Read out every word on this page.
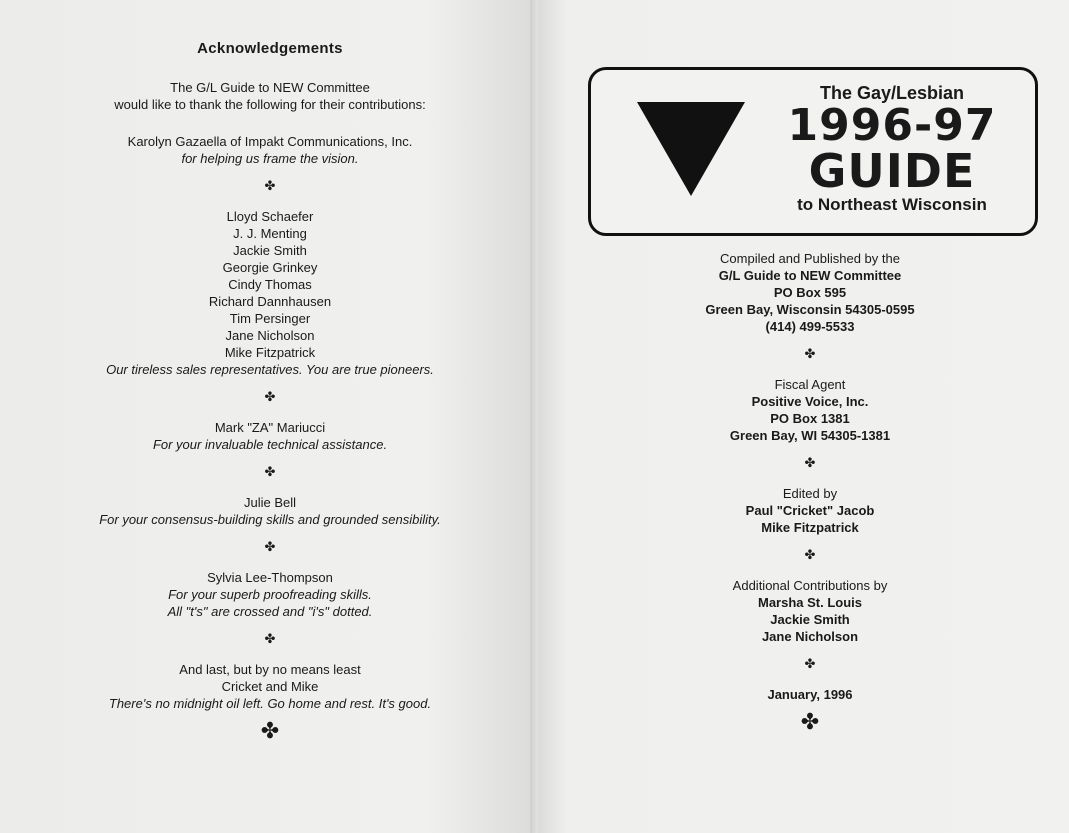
Acknowledgements
The G/L Guide to NEW Committee
would like to thank the following for their contributions:
Karolyn Gazaella of Impakt Communications, Inc.
for helping us frame the vision.
✤
Lloyd Schaefer
J. J. Menting
Jackie Smith
Georgie Grinkey
Cindy Thomas
Richard Dannhausen
Tim Persinger
Jane Nicholson
Mike Fitzpatrick
Our tireless sales representatives. You are true pioneers.
✤
Mark "ZA" Mariucci
For your invaluable technical assistance.
✤
Julie Bell
For your consensus-building skills and grounded sensibility.
✤
Sylvia Lee-Thompson
For your superb proofreading skills.
All "t's" are crossed and "i's" dotted.
✤
And last, but by no means least
Cricket and Mike
There's no midnight oil left. Go home and rest. It's good.
✤
The Gay/Lesbian
1996-97
GUIDE
to Northeast Wisconsin
Compiled and Published by the
G/L Guide to NEW Committee
PO Box 595
Green Bay, Wisconsin 54305-0595
(414) 499-5533
✤
Fiscal Agent
Positive Voice, Inc.
PO Box 1381
Green Bay, WI 54305-1381
✤
Edited by
Paul "Cricket" Jacob
Mike Fitzpatrick
✤
Additional Contributions by
Marsha St. Louis
Jackie Smith
Jane Nicholson
✤
January, 1996
✤
